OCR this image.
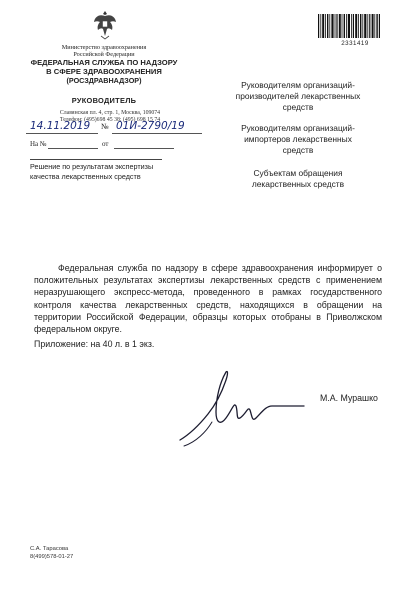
Министерство здравоохранения
Российской Федерации
ФЕДЕРАЛЬНАЯ СЛУЖБА ПО НАДЗОРУ
В СФЕРЕ ЗДРАВООХРАНЕНИЯ
(РОСЗДРАВНАДЗОР)
РУКОВОДИТЕЛЬ
Славянская пл. 4, стр. 1, Москва, 109074
Телефон: (495)698 45 38; (495) 698 15 74
14.11.2019 № 01И-2790/19
На №	от
Решение по результатам экспертизы
качества лекарственных средств
2331419
Руководителям организаций-
производителей лекарственных
средств
Руководителям организаций-
импортеров лекарственных
средств
Субъектам обращения
лекарственных средств
Федеральная служба по надзору в сфере здравоохранения информирует о положительных результатах экспертизы лекарственных средств с применением неразрушающего экспресс-метода, проведенного в рамках государственного контроля качества лекарственных средств, находящихся в обращении на территории Российской Федерации, образцы которых отобраны в Приволжском федеральном округе.
Приложение: на 40 л. в 1 экз.
М.А. Мурашко
С.А. Тарасова
8(499)578-01-27
